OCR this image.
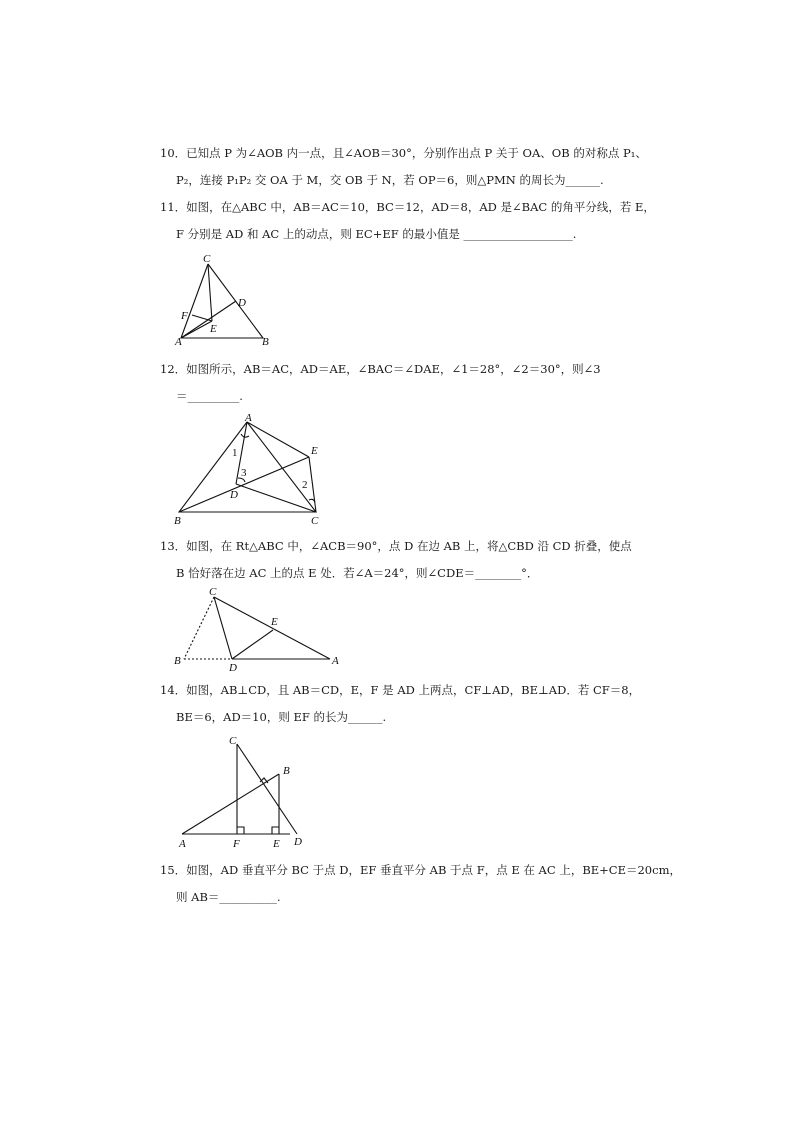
10．已知点 P 为∠AOB 内一点，且∠AOB＝30°，分别作出点 P 关于 OA、OB 的对称点 P₁、
P₂，连接 P₁P₂ 交 OA 于 M，交 OB 于 N，若 OP＝6，则△PMN 的周长为______.
11．如图，在△ABC 中，AB＝AC＝10，BC＝12，AD＝8，AD 是∠BAC 的角平分线，若 E，
F 分别是 AD 和 AC 上的动点，则 EC+EF 的最小值是 ___________________.
C
D
F
E
A	B
12．如图所示，AB＝AC，AD＝AE，∠BAC＝∠DAE，∠1＝28°，∠2＝30°，则∠3
＝_________.
A
E
B	C
D
1
2
3
13．如图，在 Rt△ABC 中，∠ACB＝90°，点 D 在边 AB 上，将△CBD 沿 CD 折叠，使点
B 恰好落在边 AC 上的点 E 处．若∠A＝24°，则∠CDE＝________°．
C
E
B
D
A
14．如图，AB⊥CD，且 AB＝CD，E，F 是 AD 上两点，CF⊥AD，BE⊥AD．若 CF＝8，
BE＝6，AD＝10，则 EF 的长为______.
C
B
A	F	E D
15．如图，AD 垂直平分 BC 于点 D，EF 垂直平分 AB 于点 F，点 E 在 AC 上，BE+CE＝20cm，
则 AB＝__________.
